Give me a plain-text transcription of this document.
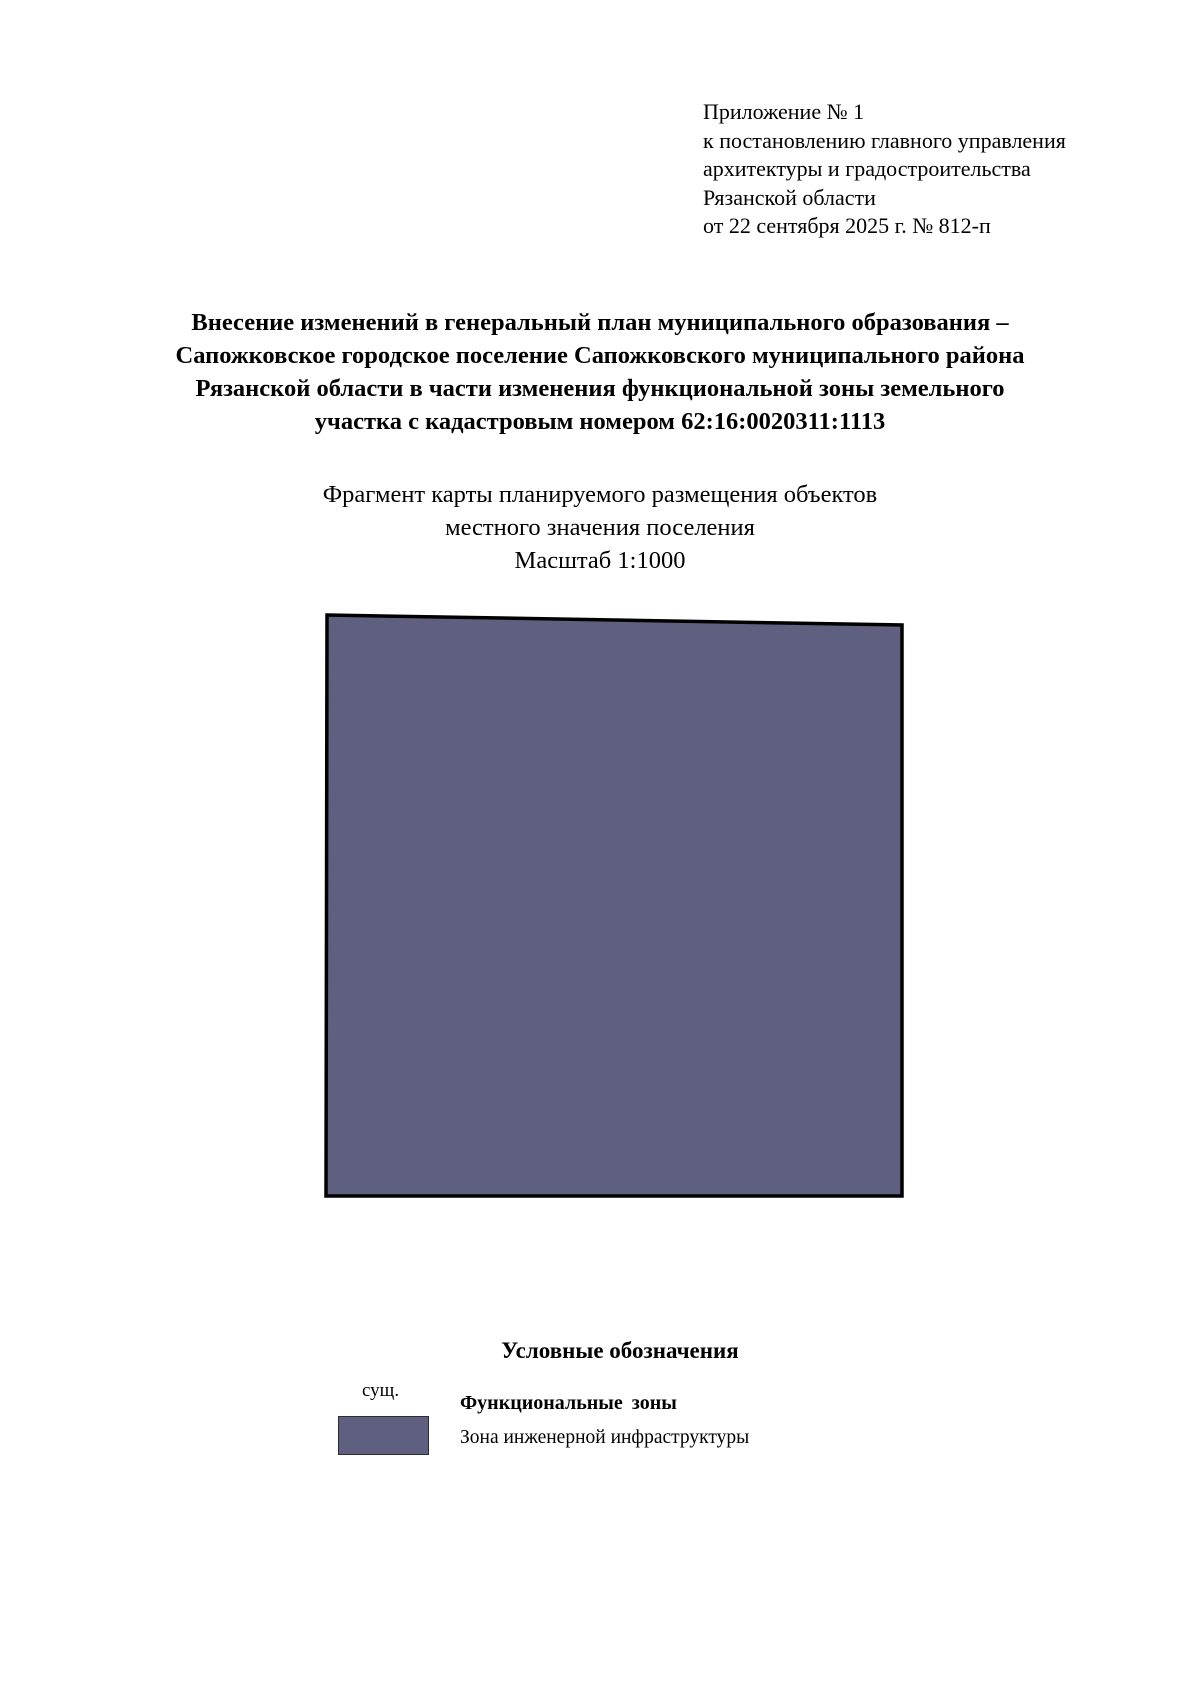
Приложение № 1
к постановлению главного управления
архитектуры и градостроительства
Рязанской области
от 22 сентября 2025 г. № 812-п
Внесение изменений в генеральный план муниципального образования –
Сапожковское городское поселение Сапожковского муниципального района
Рязанской области в части изменения функциональной зоны земельного
участка с кадастровым номером 62:16:0020311:1113
Фрагмент карты планируемого размещения объектов
местного значения поселения
Масштаб 1:1000
Условные обозначения
сущ.
Функциональные зоны
Зона инженерной инфраструктуры
